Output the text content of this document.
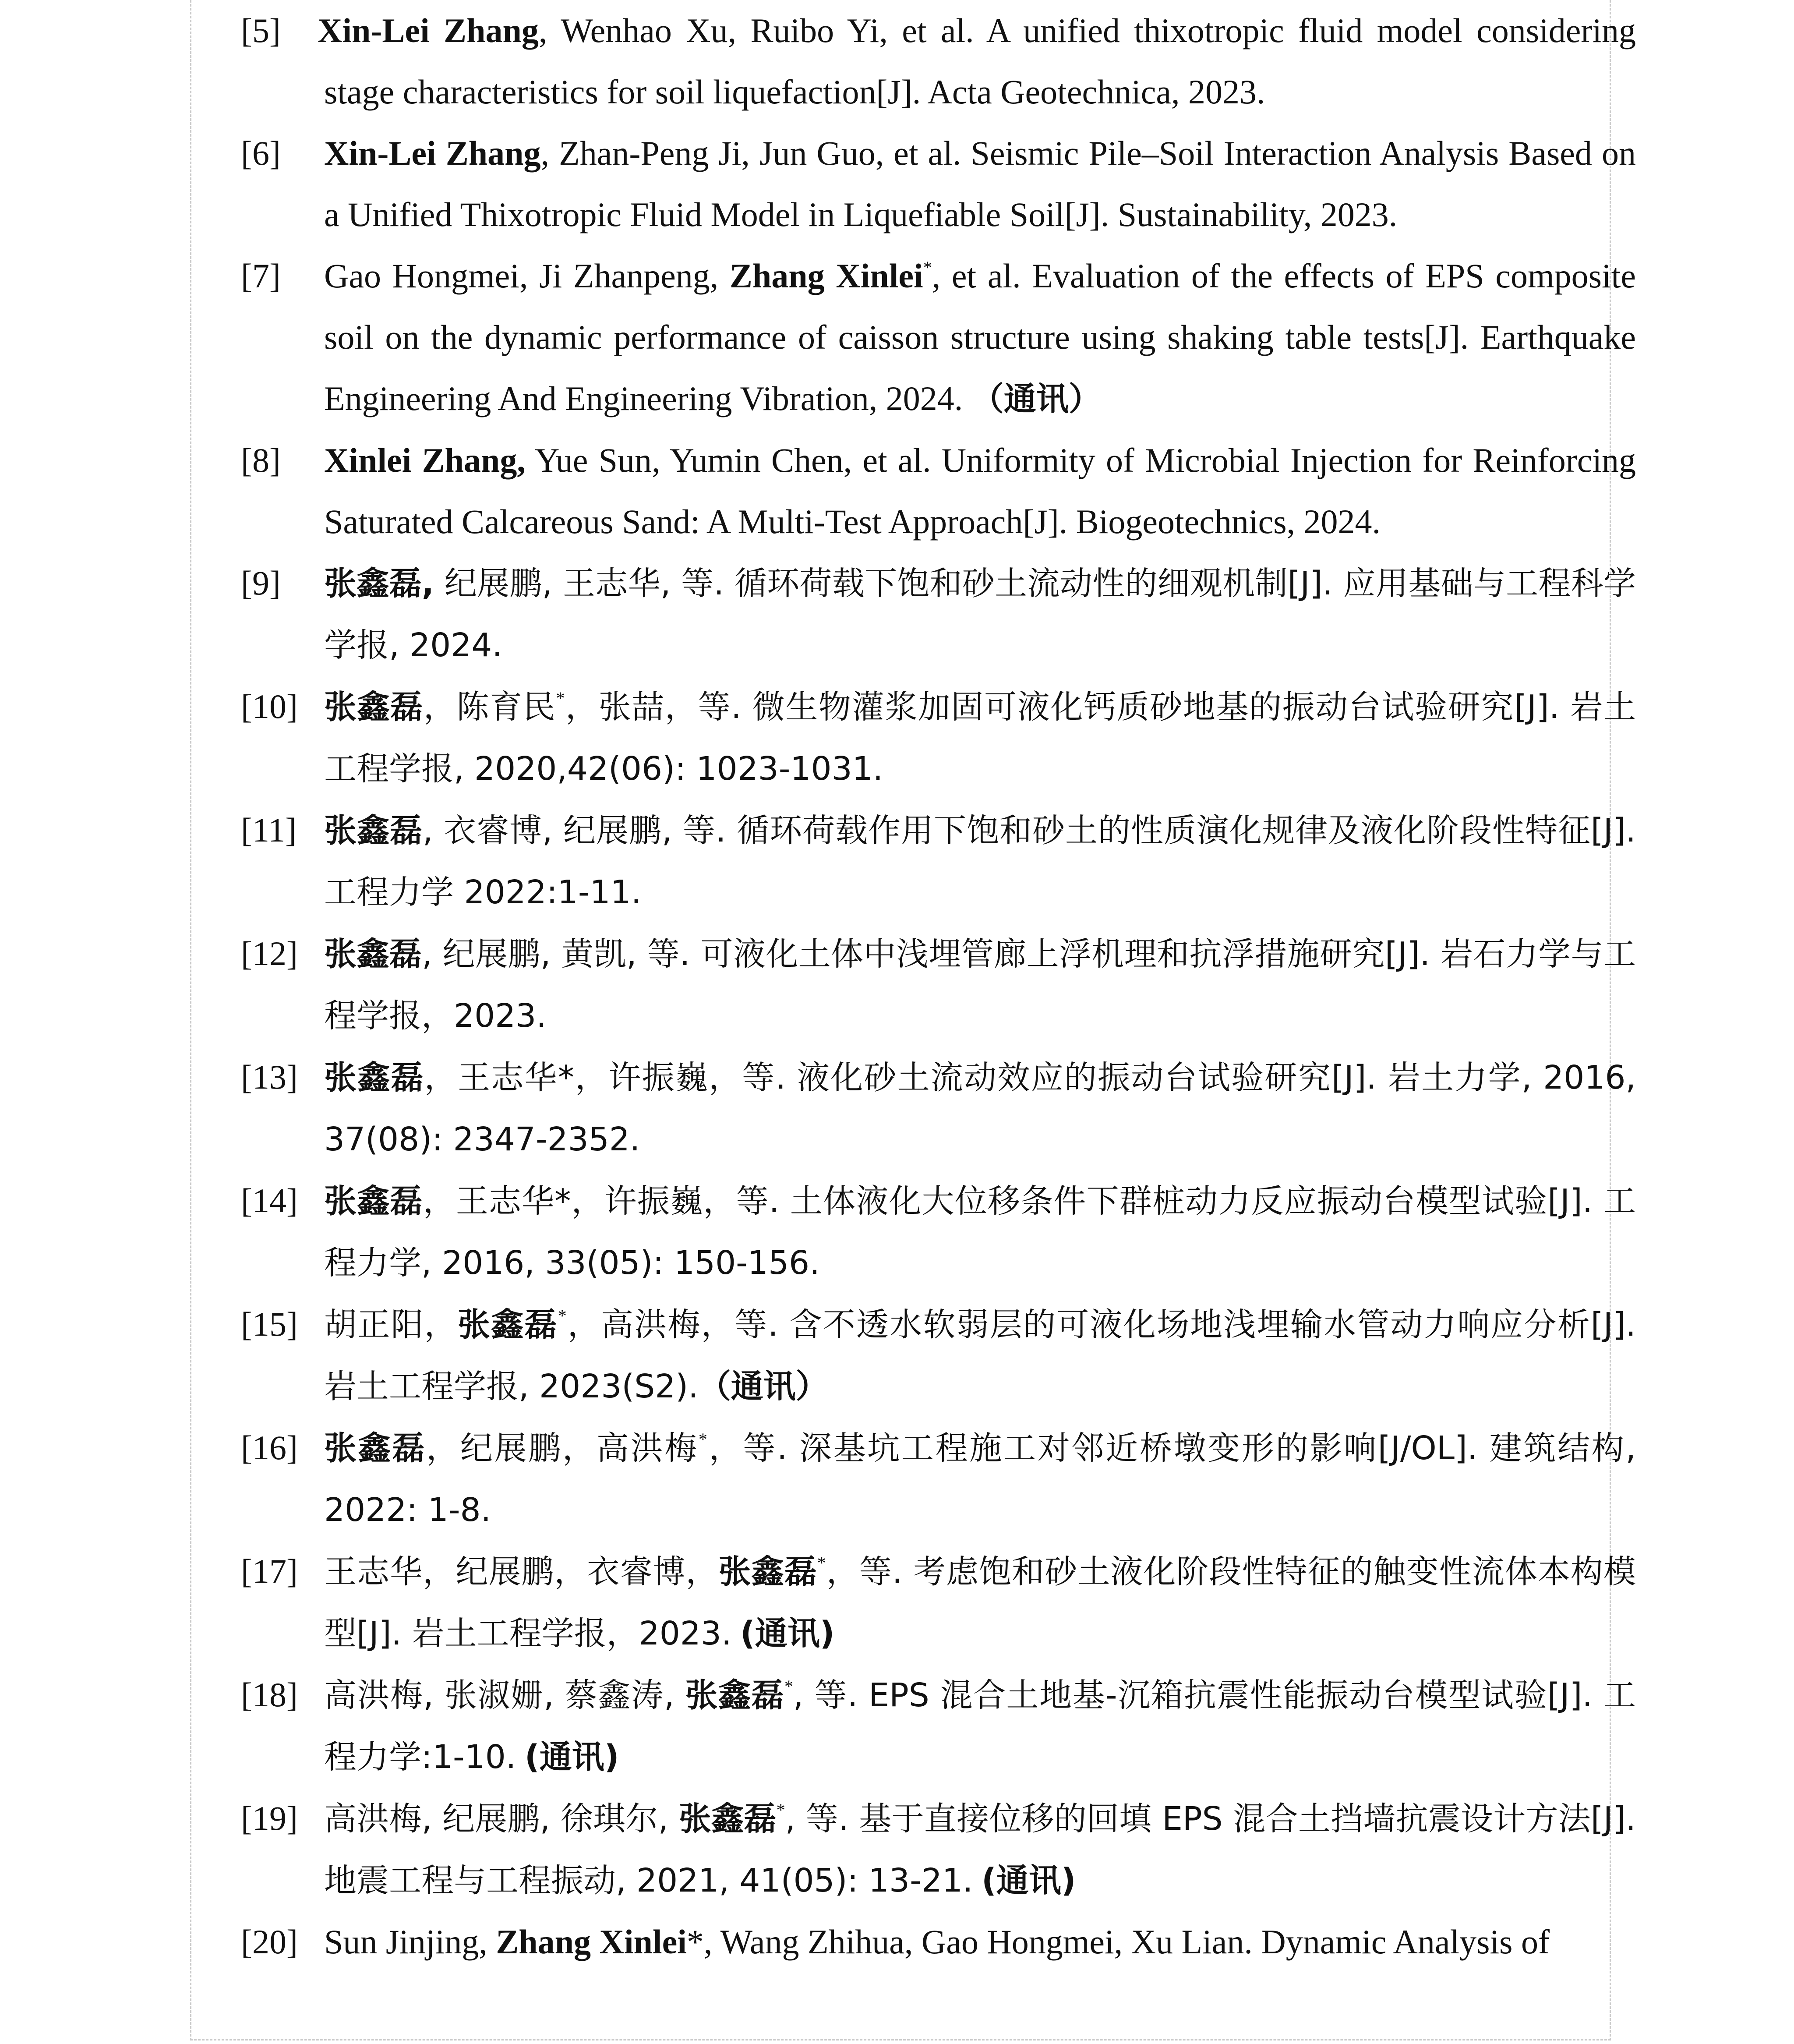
[5] Xin-Lei Zhang, Wenhao Xu, Ruibo Yi, et al. A unified thixotropic fluid model considering stage characteristics for soil liquefaction[J]. Acta Geotechnica, 2023.
[6] Xin-Lei Zhang, Zhan-Peng Ji, Jun Guo, et al. Seismic Pile–Soil Interaction Analysis Based on a Unified Thixotropic Fluid Model in Liquefiable Soil[J]. Sustainability, 2023.
[7] Gao Hongmei, Ji Zhanpeng, Zhang Xinlei*, et al. Evaluation of the effects of EPS composite soil on the dynamic performance of caisson structure using shaking table tests[J]. Earthquake Engineering And Engineering Vibration, 2024. （通讯）
[8] Xinlei Zhang, Yue Sun, Yumin Chen, et al. Uniformity of Microbial Injection for Reinforcing Saturated Calcareous Sand: A Multi-Test Approach[J]. Biogeotechnics, 2024.
[9] 张鑫磊, 纪展鹏, 王志华, 等. 循环荷载下饱和砂土流动性的细观机制[J]. 应用基础与工程科学学报, 2024.
[10] 张鑫磊，陈育民*，张喆，等. 微生物灌浆加固可液化钙质砂地基的振动台试验研究[J]. 岩土工程学报, 2020,42(06): 1023-1031.
[11] 张鑫磊, 衣睿博, 纪展鹏, 等. 循环荷载作用下饱和砂土的性质演化规律及液化阶段性特征[J]. 工程力学 2022:1-11.
[12] 张鑫磊, 纪展鹏, 黄凯, 等. 可液化土体中浅埋管廊上浮机理和抗浮措施研究[J]. 岩石力学与工程学报，2023.
[13] 张鑫磊，王志华*，许振巍，等. 液化砂土流动效应的振动台试验研究[J]. 岩土力学, 2016, 37(08): 2347-2352.
[14] 张鑫磊，王志华*，许振巍，等. 土体液化大位移条件下群桩动力反应振动台模型试验[J]. 工程力学, 2016, 33(05): 150-156.
[15] 胡正阳，张鑫磊*，高洪梅，等. 含不透水软弱层的可液化场地浅埋输水管动力响应分析[J]. 岩土工程学报, 2023(S2).（通讯）
[16] 张鑫磊，纪展鹏，高洪梅*，等. 深基坑工程施工对邻近桥墩变形的影响[J/OL]. 建筑结构, 2022: 1-8.
[17] 王志华，纪展鹏，衣睿博，张鑫磊*，等. 考虑饱和砂土液化阶段性特征的触变性流体本构模型[J]. 岩土工程学报，2023. (通讯)
[18] 高洪梅, 张淑姗, 蔡鑫涛, 张鑫磊*, 等. EPS 混合土地基-沉箱抗震性能振动台模型试验[J]. 工程力学:1-10. (通讯)
[19] 高洪梅, 纪展鹏, 徐琪尔, 张鑫磊*, 等. 基于直接位移的回填 EPS 混合土挡墙抗震设计方法[J]. 地震工程与工程振动, 2021, 41(05): 13-21. (通讯)
[20] Sun Jinjing, Zhang Xinlei*, Wang Zhihua, Gao Hongmei, Xu Lian. Dynamic Analysis of
